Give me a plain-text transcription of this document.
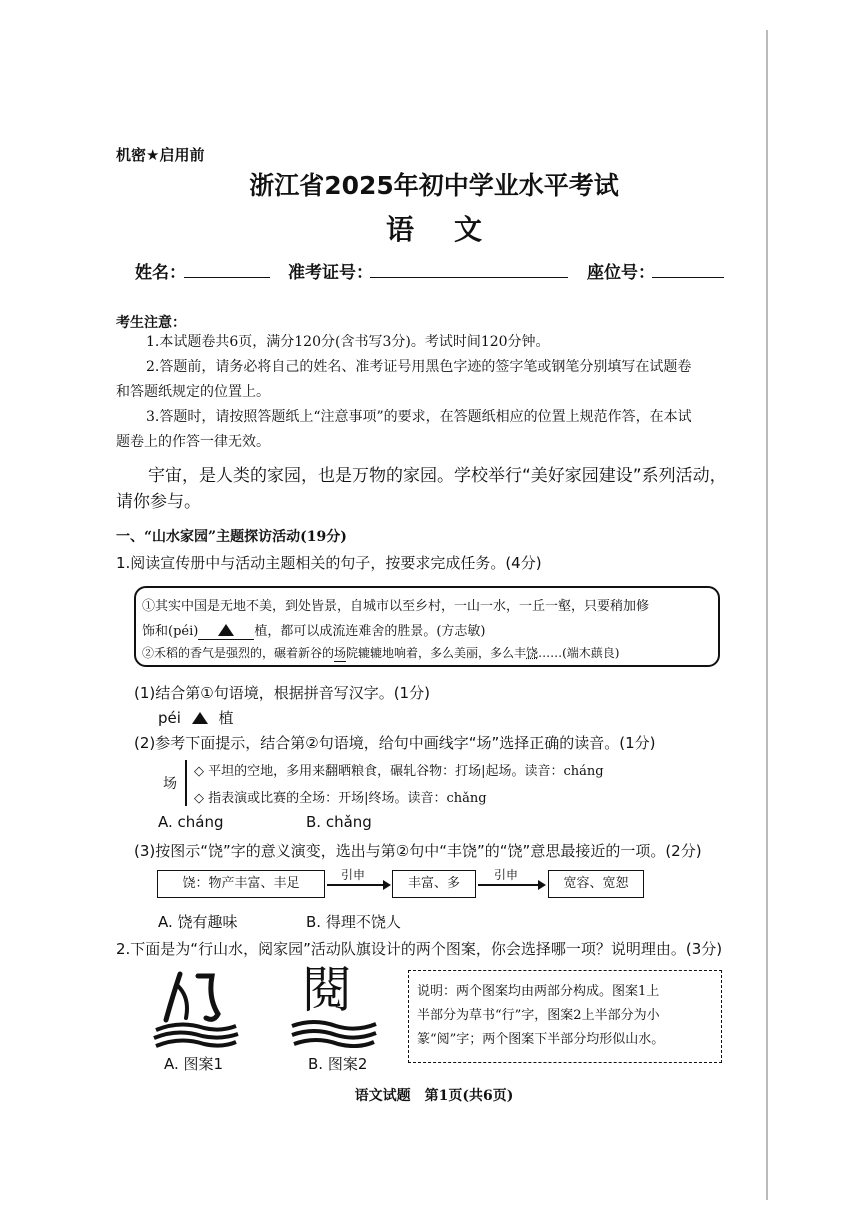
机密★启用前
浙江省2025年初中学业水平考试
语文
姓名：	准考证号：	座位号：
考生注意：
1.本试题卷共6页，满分120分(含书写3分)。考试时间120分钟。
2.答题前，请务必将自己的姓名、准考证号用黑色字迹的签字笔或钢笔分别填写在试题卷
和答题纸规定的位置上。
3.答题时，请按照答题纸上“注意事项”的要求，在答题纸相应的位置上规范作答，在本试
题卷上的作答一律无效。
宇宙，是人类的家园，也是万物的家园。学校举行“美好家园建设”系列活动，
请你参与。
一、“山水家园”主题探访活动(19分)
1.阅读宣传册中与活动主题相关的句子，按要求完成任务。(4分)
①其实中国是无地不美，到处皆景，自城市以至乡村，一山一水，一丘一壑，只要稍加修
饰和(péi)	植，都可以成流连难舍的胜景。(方志敏)
②禾稻的香气是强烈的，碾着新谷的场院辘辘地响着，多么美丽，多么丰饶……(端木蕻良)
(1)结合第①句语境，根据拼音写汉字。(1分)
péi	植
(2)参考下面提示，结合第②句语境，给句中画线字“场”选择正确的读音。(1分)
场
◇ 平坦的空地，多用来翻晒粮食，碾轧谷物：打场|起场。读音：cháng
◇ 指表演或比赛的全场：开场|终场。读音：chǎng
A. cháng	B. chǎng
(3)按图示“饶”字的意义演变，选出与第②句中“丰饶”的“饶”意思最接近的一项。(2分)
饶：物产丰富、丰足
引申
丰富、多
引申
宽容、宽恕
A. 饶有趣味	B. 得理不饶人
2.下面是为“行山水，阅家园”活动队旗设计的两个图案，你会选择哪一项？说明理由。(3分)
A. 图案1
閱
B. 图案2
说明：两个图案均由两部分构成。图案1上
半部分为草书“行”字，图案2上半部分为小
篆“阅”字；两个图案下半部分均形似山水。
语文试题　第1页(共6页)
